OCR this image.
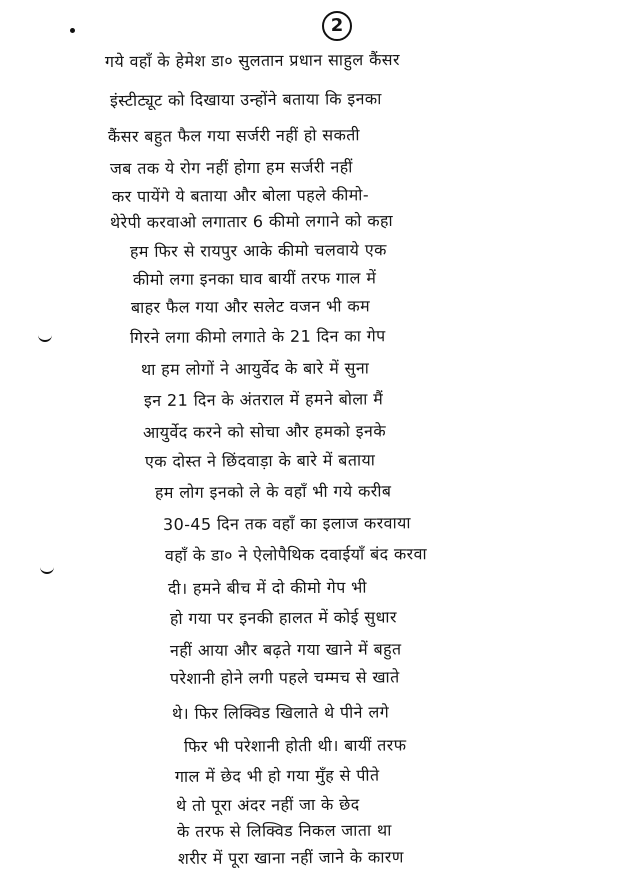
2
गये वहाँ के हेमेश डा० सुलतान प्रधान साहुल कैंसर
इंस्टीट्यूट को दिखाया उन्होंने बताया कि इनका
कैंसर बहुत फैल गया सर्जरी नहीं हो सकती
जब तक ये रोग नहीं होगा हम सर्जरी नहीं
कर पायेंगे ये बताया और बोला पहले कीमो-
थेरेपी करवाओ लगातार 6 कीमो लगाने को कहा
हम फिर से रायपुर आके कीमो चलवाये एक
कीमो लगा इनका घाव बायीं तरफ गाल में
बाहर फैल गया और सलेट वजन भी कम
गिरने लगा कीमो लगाते के 21 दिन का गेप
था हम लोगों ने आयुर्वेद के बारे में सुना
इन 21 दिन के अंतराल में हमने बोला मैं
आयुर्वेद करने को सोचा और हमको इनके
एक दोस्त ने छिंदवाड़ा के बारे में बताया
हम लोग इनको ले के वहाँ भी गये करीब
30-45 दिन तक वहाँ का इलाज करवाया
वहाँ के डा० ने ऐलोपैथिक दवाईयाँ बंद करवा
दी। हमने बीच में दो कीमो गेप भी
हो गया पर इनकी हालत में कोई सुधार
नहीं आया और बढ़ते गया खाने में बहुत
परेशानी होने लगी पहले चम्मच से खाते
थे। फिर लिक्विड खिलाते थे पीने लगे
फिर भी परेशानी होती थी। बायीं तरफ
गाल में छेद भी हो गया मुँह से पीते
थे तो पूरा अंदर नहीं जा के छेद
के तरफ से लिक्विड निकल जाता था
शरीर में पूरा खाना नहीं जाने के कारण
